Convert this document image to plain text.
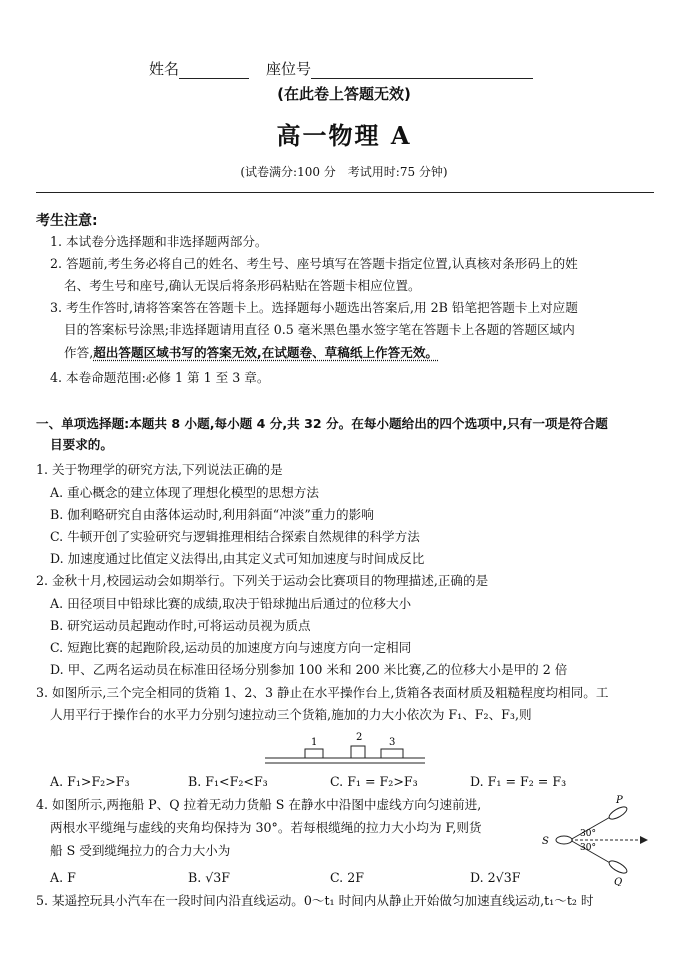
姓名	座位号
(在此卷上答题无效)
高一物理 A
(试卷满分:100 分　考试用时:75 分钟)
考生注意:
1. 本试卷分选择题和非选择题两部分。
2. 答题前,考生务必将自己的姓名、考生号、座号填写在答题卡指定位置,认真核对条形码上的姓
名、考生号和座号,确认无误后将条形码粘贴在答题卡相应位置。
3. 考生作答时,请将答案答在答题卡上。选择题每小题选出答案后,用 2B 铅笔把答题卡上对应题
目的答案标号涂黑;非选择题请用直径 0.5 毫米黑色墨水签字笔在答题卡上各题的答题区域内
作答,超出答题区域书写的答案无效,在试题卷、草稿纸上作答无效。
4. 本卷命题范围:必修 1 第 1 至 3 章。
一、单项选择题:本题共 8 小题,每小题 4 分,共 32 分。在每小题给出的四个选项中,只有一项是符合题
目要求的。
1. 关于物理学的研究方法,下列说法正确的是
A. 重心概念的建立体现了理想化模型的思想方法
B. 伽利略研究自由落体运动时,利用斜面“冲淡”重力的影响
C. 牛顿开创了实验研究与逻辑推理相结合探索自然规律的科学方法
D. 加速度通过比值定义法得出,由其定义式可知加速度与时间成反比
2. 金秋十月,校园运动会如期举行。下列关于运动会比赛项目的物理描述,正确的是
A. 田径项目中铅球比赛的成绩,取决于铅球抛出后通过的位移大小
B. 研究运动员起跑动作时,可将运动员视为质点
C. 短跑比赛的起跑阶段,运动员的加速度方向与速度方向一定相同
D. 甲、乙两名运动员在标准田径场分别参加 100 米和 200 米比赛,乙的位移大小是甲的 2 倍
3. 如图所示,三个完全相同的货箱 1、2、3 静止在水平操作台上,货箱各表面材质及粗糙程度均相同。工
人用平行于操作台的水平力分别匀速拉动三个货箱,施加的力大小依次为 F₁、F₂、F₃,则
1	2	3
A. F₁>F₂>F₃	B. F₁<F₂<F₃	C. F₁ = F₂>F₃	D. F₁ = F₂ = F₃
4. 如图所示,两拖船 P、Q 拉着无动力货船 S 在静水中沿图中虚线方向匀速前进,
两根水平缆绳与虚线的夹角均保持为 30°。若每根缆绳的拉力大小均为 F,则货
船 S 受到缆绳拉力的合力大小为
P
Q
S
30°
30°
A. F	B. √3F	C. 2F	D. 2√3F
5. 某遥控玩具小汽车在一段时间内沿直线运动。0～t₁ 时间内从静止开始做匀加速直线运动,t₁～t₂ 时
